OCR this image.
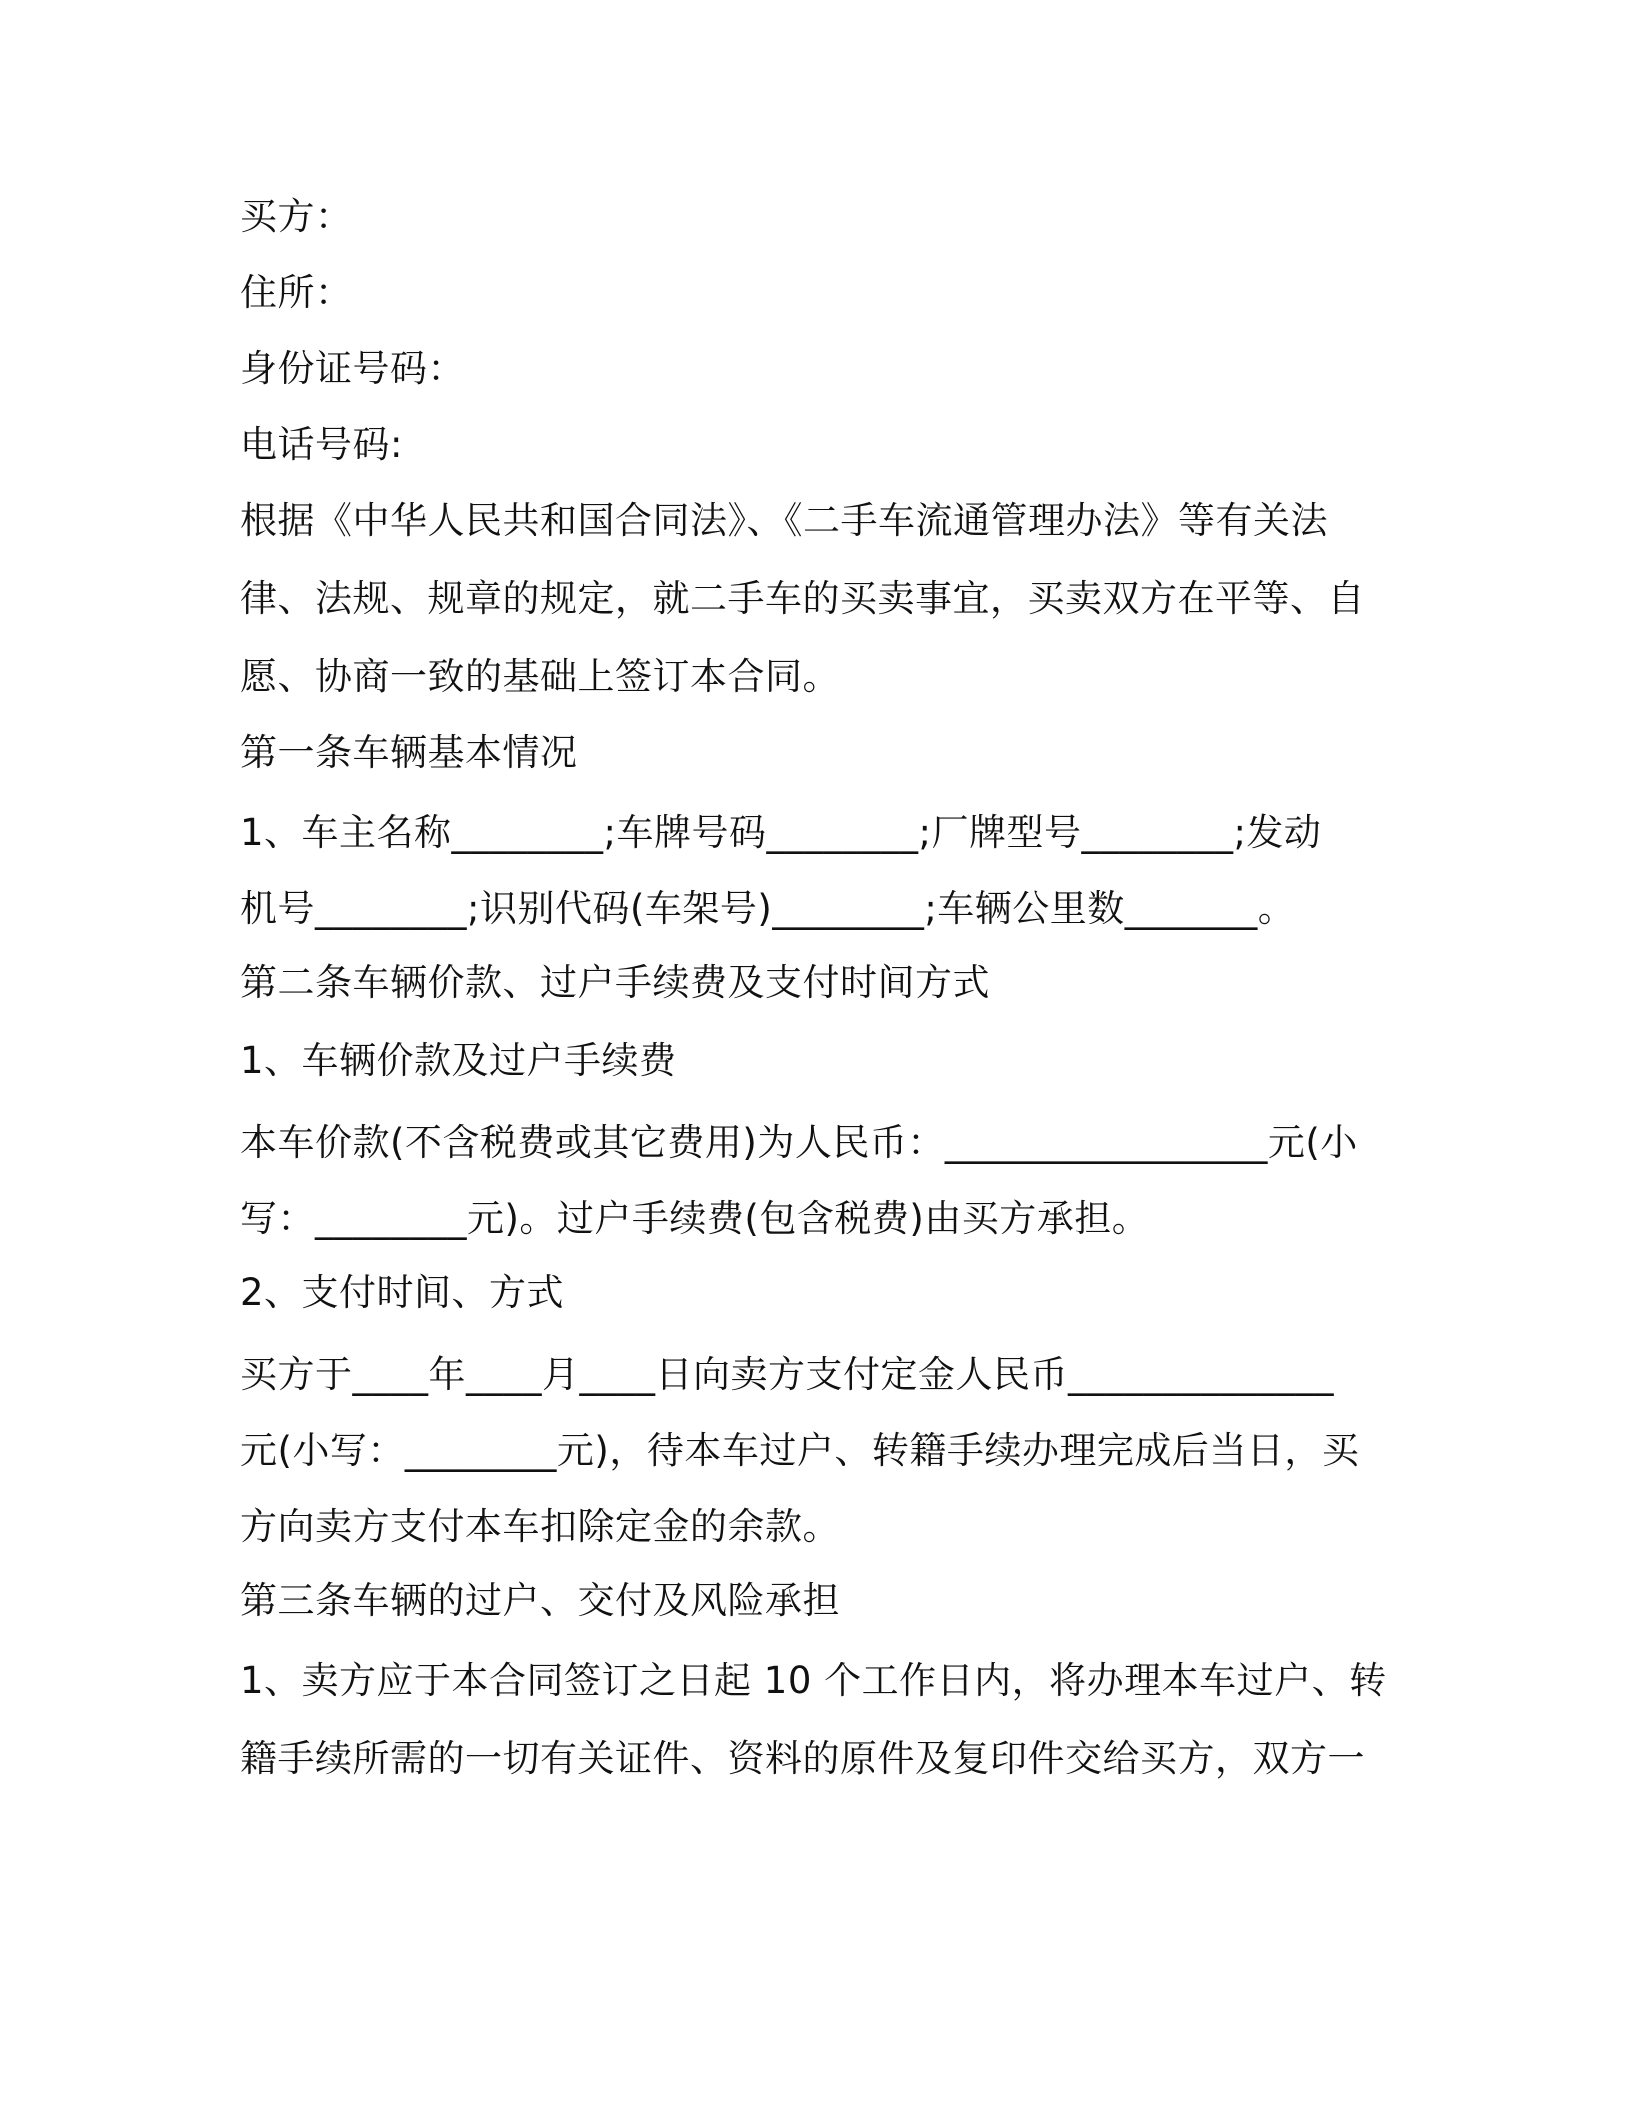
买方：
住所：
身份证号码：
电话号码:
根据《中华人民共和国合同法》、《二手车流通管理办法》等有关法
律、法规、规章的规定，就二手车的买卖事宜，买卖双方在平等、自
愿、协商一致的基础上签订本合同。
第一条车辆基本情况
1、车主名称________;车牌号码________;厂牌型号________;发动
机号________;识别代码(车架号)________;车辆公里数_______。
第二条车辆价款、过户手续费及支付时间方式
1、车辆价款及过户手续费
本车价款(不含税费或其它费用)为人民币：_________________元(小
写：________元)。过户手续费(包含税费)由买方承担。
2、支付时间、方式
买方于____年____月____日向卖方支付定金人民币______________
元(小写：________元)，待本车过户、转籍手续办理完成后当日，买
方向卖方支付本车扣除定金的余款。
第三条车辆的过户、交付及风险承担
1、卖方应于本合同签订之日起 10 个工作日内，将办理本车过户、转
籍手续所需的一切有关证件、资料的原件及复印件交给买方，双方一
